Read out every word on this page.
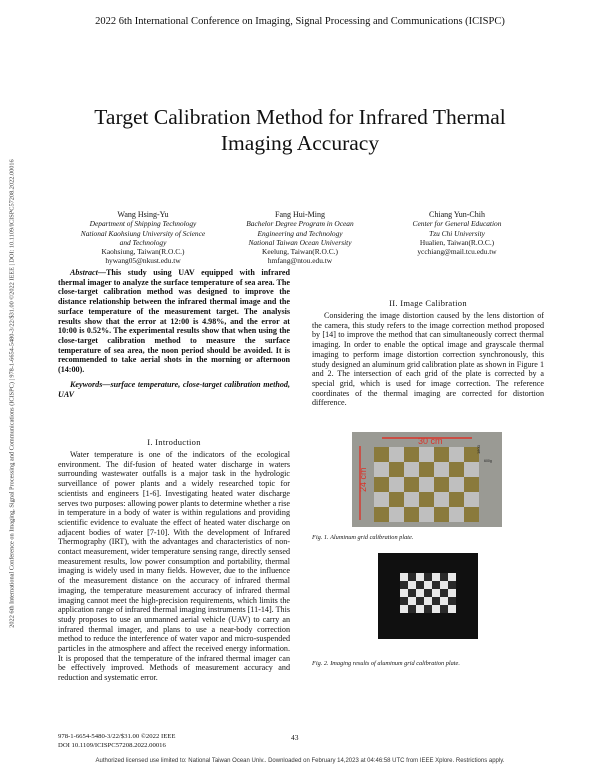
2022 6th International Conference on Imaging, Signal Processing and Communications (ICISPC)
2022 6th International Conference on Imaging, Signal Processing and Communications (ICISPC) | 978-1-6654-5480-3/22/$31.00 ©2022 IEEE | DOI: 10.1109/ICISPC57208.2022.00016
Target Calibration Method for Infrared Thermal
Imaging Accuracy
Wang Hsing-Yu
Department of Shipping Technology
National Kaohsiung University of Science
and Technology
Kaohsiung, Taiwan(R.O.C.)
hywang05@nkust.edu.tw
Fang Hui-Ming
Bachelor Degree Program in Ocean
Engineering and Technology
National Taiwan Ocean University
Keelung, Taiwan(R.O.C.)
hmfang@ntou.edu.tw
Chiang Yun-Chih
Center for General Education
Tzu Chi University
Hualien, Taiwan(R.O.C.)
ycchiang@mail.tcu.edu.tw

Abstract—This study using UAV equipped with infrared thermal imager to analyze the surface temperature of sea area. The close-target calibration method was designed to improve the distance relationship between the infrared thermal image and the surface temperature of the measurement target. The analysis results show that the error at 12:00 is 4.98%, and the error at 10:00 is 0.52%. The experimental results show that when using the close-target calibration method to measure the surface temperature of sea area, the noon period should be avoided. It is recommended to take aerial shots in the morning or afternoon (14:00).

Keywords—surface temperature, close-target calibration method, UAV

I. Introduction

Water temperature is one of the indicators of the ecological environment. The dif-fusion of heated water discharge in waters surrounding wastewater outfalls is a major task in the hydrologic surveillance of power plants and a widely researched topic for scientists and engineers [1-6]. Investigating heated water discharge serves two purposes: allowing power plants to determine whether a rise in temperature in a body of water is within regulations and providing scientific evidence to evaluate the effect of heated water discharge on adjacent bodies of water [7-10]. With the development of Infrared Thermography (IRT), with the advantages and characteristics of non-contact measurement, wider temperature sensing range, directly sensed measurement results, low power consumption and portability, thermal imaging is widely used in many fields. However, due to the influence of the measurement distance on the accuracy of infrared thermal imaging, the temperature measurement accuracy of infrared thermal imaging cannot meet the high-precision requirements, which limits the application range of infrared thermal imaging instruments [11-14]. This study proposes to use an unmanned aerial vehicle (UAV) to carry an infrared thermal imager, and plans to use a near-body correction method to reduce the interference of water vapor and micro-suspended particles in the atmosphere and affect the received energy information. It is proposed that the temperature of the infrared thermal imager can be effectively improved. Methods of measurement accuracy and reduction and systematic error.

II. Image Calibration

Considering the image distortion caused by the lens distortion of the camera, this study refers to the image correction method proposed by [14] to improve the method that can simultaneously correct thermal imaging. In order to enable the optical image and grayscale thermal imaging to perform image distortion correction synchronously, this study designed an aluminum grid calibration plate as shown in Figure 1 and 2. The intersection of each grid of the plate is corrected by a special grid, which is used for image correction. The reference coordinates of the thermal imaging are corrected for distortion difference.

30 cm
24 cm
1800
600g
Fig. 1. Aluminum grid calibration plate.
Fig. 2. Imaging results of aluminum grid calibration plate.
978-1-6654-5480-3/22/$31.00 ©2022 IEEE
DOI 10.1109/ICISPC57208.2022.00016
43
Authorized licensed use limited to: National Taiwan Ocean Univ.. Downloaded on February 14,2023 at 04:46:58 UTC from IEEE Xplore. Restrictions apply.
